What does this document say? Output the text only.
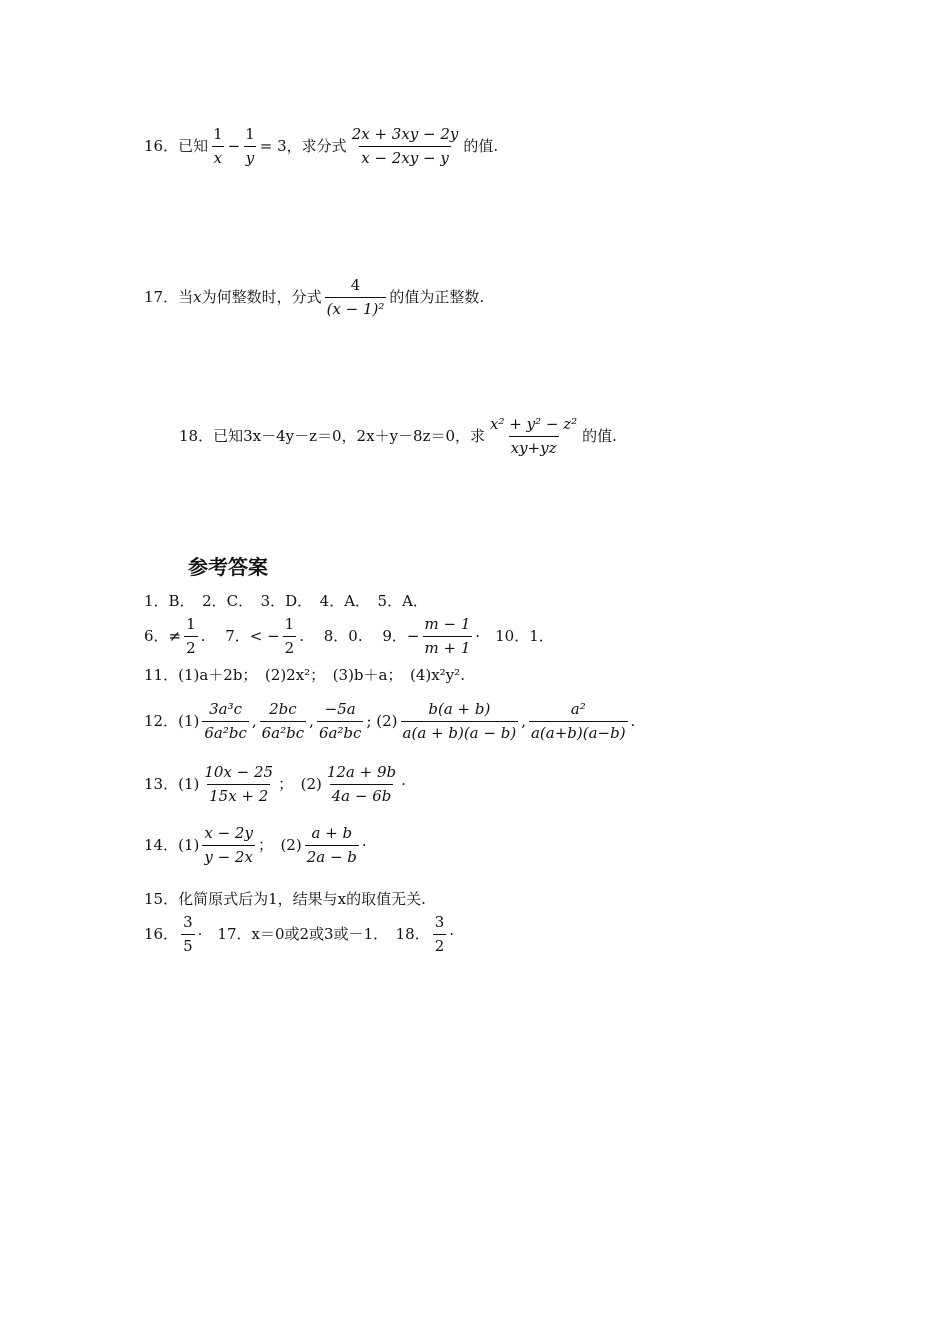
16． 已知 $\frac{1}{x} - \frac{1}{y} = 3$ ，求分式 $\frac{2x + 3xy - 2y}{x - 2xy - y}$ 的值.
17． 当 x 为何整数时，分式 $\frac{4}{\text{(x − 1)²}}$ 的值为正整数.
18． 已知3x－4y－z＝0，2x＋y－8z＝0，求 $\frac{\text{x² + y² − z²}}{xy+yz}$ 的值.
参考答案
1．B．　2．C．　3．D．　4．A．　5．A．
6．≠ $\frac{1}{2}$ .　 7．< − $\frac{1}{2}$ .　 8．0.　 9．− $\frac{m - 1}{m + 1}$ ·　10．1．
11．(1)a＋2b；　(2)2x²；　(3)b＋a；　(4)x²y².
12．$(1) \frac{\text{3a³c}}{\text{6a²bc}}$ , $\frac{2bc}{\text{6a²bc}}$ , $\frac{-5a}{\text{6a²bc}}$ ; $(2) \frac{b(a + b)}{a(a + b)(a - b)}$ , $\frac{\text{a²}}{a(a+b)(a-b)}$ .
13．$(1) \frac{10x - 25}{15x + 2}$ ；　$(2) \frac{12a + 9b}{4a - 6b}$ ·
14．$(1) \frac{x - 2y}{y - 2x}$ ；　$(2) \frac{a + b}{2a - b}$ ·
15．化简原式后为1，结果与x的取值无关.
16． $\frac{3}{5}$ ·　17．x＝0或2或3或－1．　18． $\frac{3}{2}$ ·
